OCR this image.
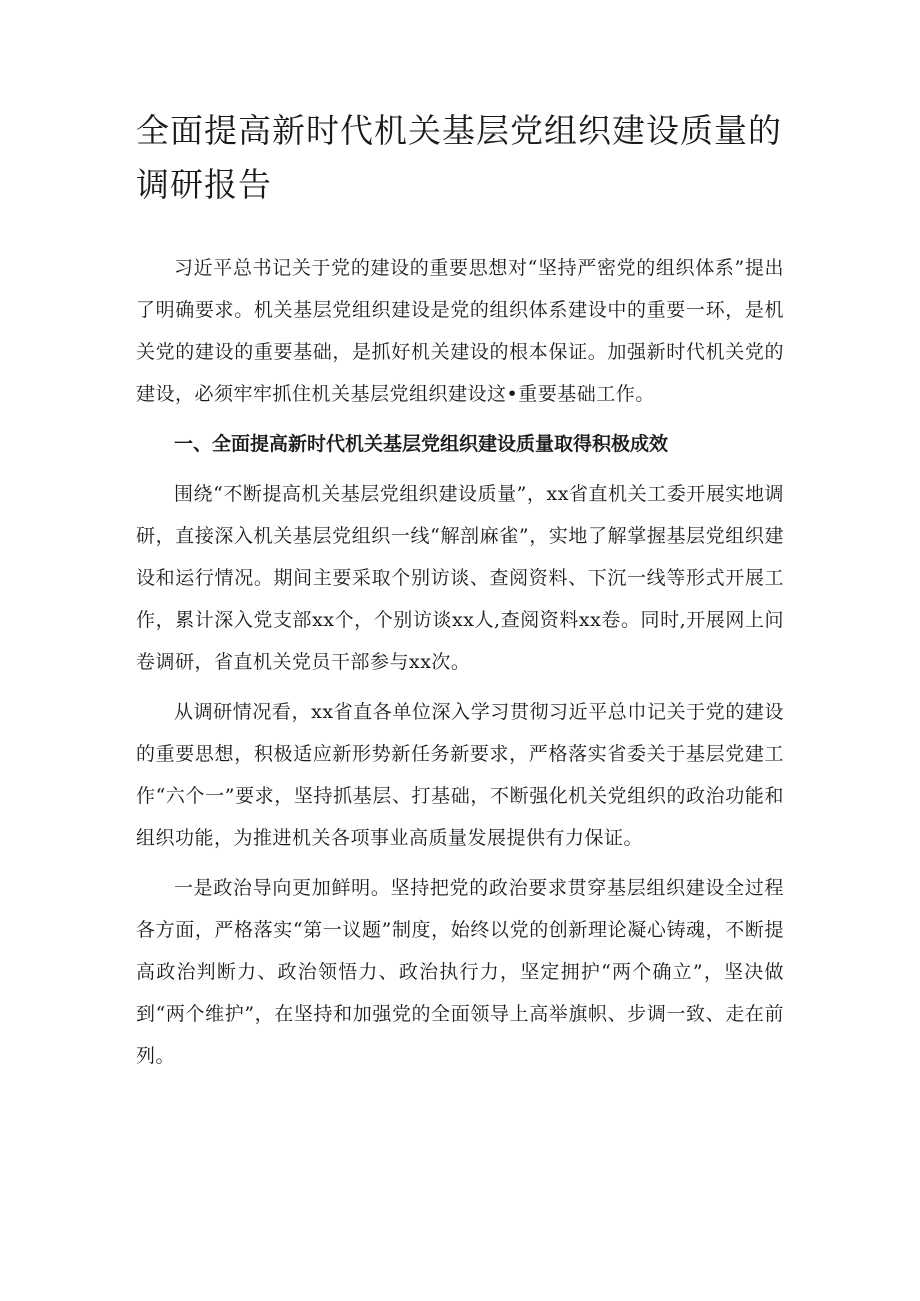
全面提高新时代机关基层党组织建设质量的调研报告

习近平总书记关于党的建设的重要思想对“坚持严密党的组织体系”提出了明确要求。机关基层党组织建设是党的组织体系建设中的重要一环，是机关党的建设的重要基础，是抓好机关建设的根本保证。加强新时代机关党的建设，必须牢牢抓住机关基层党组织建设这•重要基础工作。

一、全面提高新时代机关基层党组织建设质量取得积极成效

围绕“不断提高机关基层党组织建设质量”，xx省直机关工委开展实地调研，直接深入机关基层党组织一线“解剖麻雀”，实地了解掌握基层党组织建设和运行情况。期间主要采取个别访谈、查阅资料、下沉一线等形式开展工作，累计深入党支部xx个，个别访谈xx人,查阅资料xx卷。同时,开展网上问卷调研，省直机关党员干部参与xx次。

从调研情况看，xx省直各单位深入学习贯彻习近平总巾记关于党的建设的重要思想，积极适应新形势新任务新要求，严格落实省委关于基层党建工作“六个一”要求，坚持抓基层、打基础，不断强化机关党组织的政治功能和组织功能，为推进机关各项事业高质量发展提供有力保证。

一是政治导向更加鲜明。坚持把党的政治要求贯穿基层组织建设全过程各方面，严格落实“第一议题”制度，始终以党的创新理论凝心铸魂，不断提高政治判断力、政治领悟力、政治执行力，坚定拥护“两个确立”，坚决做到“两个维护”，在坚持和加强党的全面领导上高举旗帜、步调一致、走在前列。
